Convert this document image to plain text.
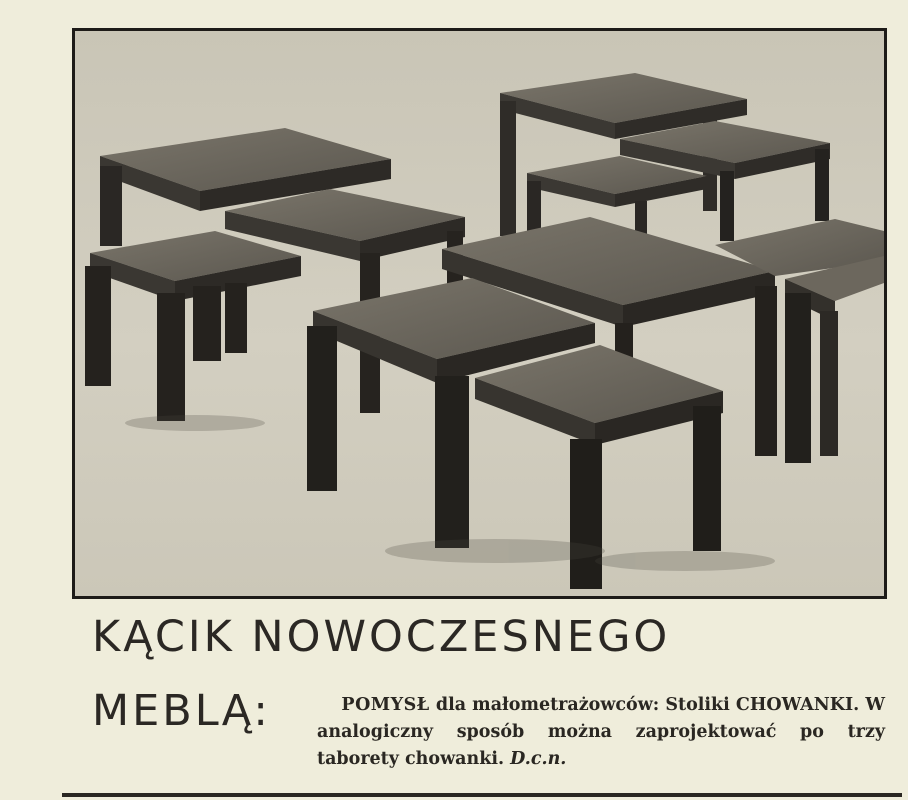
KĄCIK NOWOCZESNEGO
MEBLĄ:	POMYSŁ dla małometrażowców: Stoliki CHOWANKI. W analogiczny sposób można zaprojektować po trzy taborety chowanki. D.c.n.
